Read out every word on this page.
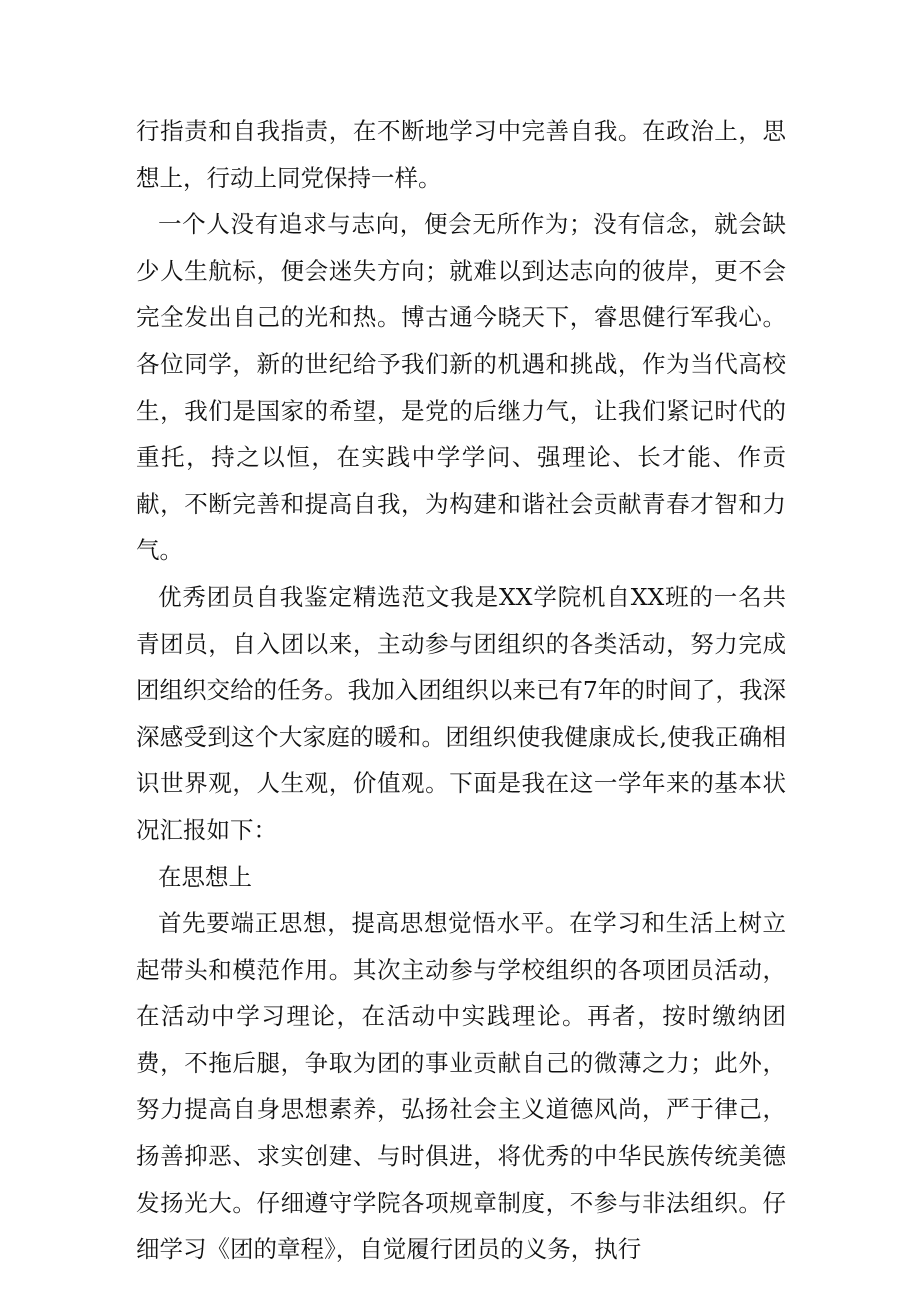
行指责和自我指责，在不断地学习中完善自我。在政治上，思想上，行动上同党保持一样。

一个人没有追求与志向，便会无所作为；没有信念，就会缺少人生航标，便会迷失方向；就难以到达志向的彼岸，更不会完全发出自己的光和热。博古通今晓天下，睿思健行军我心。各位同学，新的世纪给予我们新的机遇和挑战，作为当代高校生，我们是国家的希望，是党的后继力气，让我们紧记时代的重托，持之以恒，在实践中学学问、强理论、长才能、作贡献，不断完善和提高自我，为构建和谐社会贡献青春才智和力气。

优秀团员自我鉴定精选范文我是XX学院机自XX班的一名共青团员，自入团以来，主动参与团组织的各类活动，努力完成团组织交给的任务。我加入团组织以来已有7年的时间了，我深深感受到这个大家庭的暖和。团组织使我健康成长,使我正确相识世界观，人生观，价值观。下面是我在这一学年来的基本状况汇报如下：

在思想上

首先要端正思想，提高思想觉悟水平。在学习和生活上树立起带头和模范作用。其次主动参与学校组织的各项团员活动，在活动中学习理论，在活动中实践理论。再者，按时缴纳团费，不拖后腿，争取为团的事业贡献自己的微薄之力；此外，努力提高自身思想素养，弘扬社会主义道德风尚，严于律己，扬善抑恶、求实创建、与时俱进，将优秀的中华民族传统美德发扬光大。仔细遵守学院各项规章制度，不参与非法组织。仔细学习《团的章程》，自觉履行团员的义务，执行
